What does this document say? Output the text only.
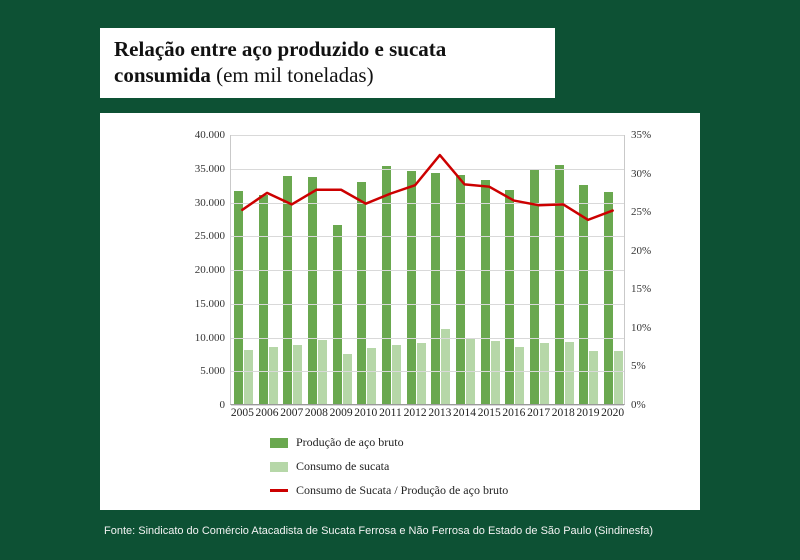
Relação entre aço produzido e sucata
consumida (em mil toneladas)
0
5.000
10.000
15.000
20.000
25.000
30.000
35.000
40.000
0%
5%
10%
15%
20%
25%
30%
35%
2005 2006 2007 2008 2009 2010 2011 2012 2013 2014 2015 2016 2017 2018 2019 2020
Produção de aço bruto
Consumo de sucata
Consumo de Sucata / Produção de aço bruto
Fonte: Sindicato do Comércio Atacadista de Sucata Ferrosa e Não Ferrosa do Estado de São Paulo (Sindinesfa)
